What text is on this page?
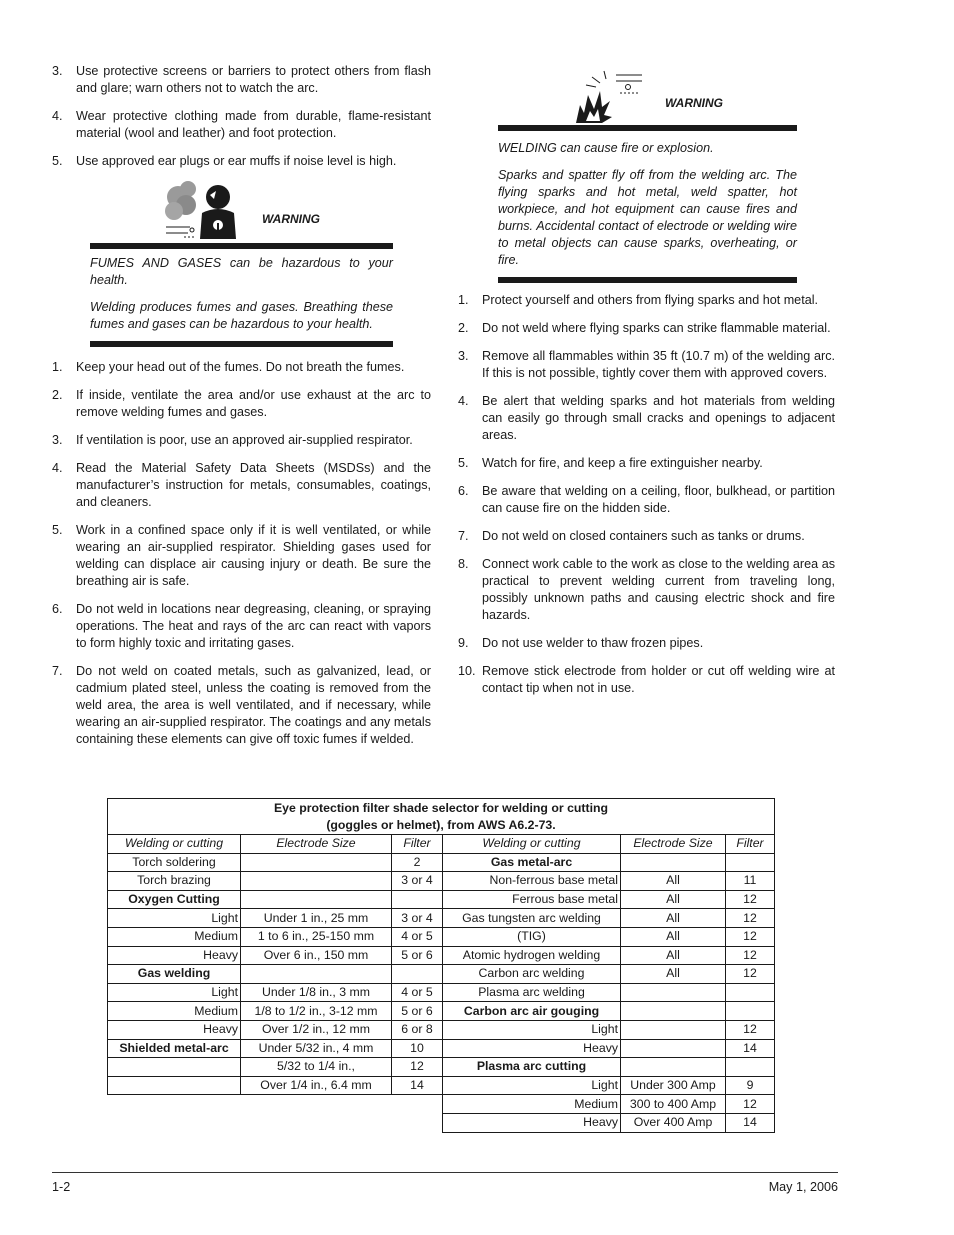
3.	Use protective screens or barriers to protect others from flash and glare; warn others not to watch the arc.
4.	Wear protective clothing made from durable, flame-resistant material (wool and leather) and foot protection.
5.	Use approved ear plugs or ear muffs if noise level is high.
WARNING

FUMES AND GASES can be hazardous to your health.

Welding produces fumes and gases. Breathing these fumes and gases can be hazardous to your health.

1.	Keep your head out of the fumes. Do not breath the fumes.
2.	If inside, ventilate the area and/or use exhaust at the arc to remove welding fumes and gases.
3.	If ventilation is poor, use an approved air-supplied respirator.
4.	Read the Material Safety Data Sheets (MSDSs) and the manufacturer’s instruction for metals, consumables, coatings, and cleaners.
5.	Work in a confined space only if it is well ventilated, or while wearing an air-supplied respirator. Shielding gases used for welding can displace air causing injury or death. Be sure the breathing air is safe.
6.	Do not weld in locations near degreasing, cleaning, or spraying operations. The heat and rays of the arc can react with vapors to form highly toxic and irritating gases.
7.	Do not weld on coated metals, such as galvanized, lead, or cadmium plated steel, unless the coating is removed from the weld area, the area is well ventilated, and if necessary, while wearing an air-supplied respirator. The coatings and any metals containing these elements can give off toxic fumes if welded.
WARNING

WELDING can cause fire or explosion.

Sparks and spatter fly off from the welding arc. The flying sparks and hot metal, weld spatter, hot workpiece, and hot equipment can cause fires and burns. Accidental contact of electrode or welding wire to metal objects can cause sparks, overheating, or fire.

1.	Protect yourself and others from flying sparks and hot metal.
2.	Do not weld where flying sparks can strike flammable material.
3.	Remove all flammables within 35 ft (10.7 m) of the welding arc. If this is not possible, tightly cover them with approved covers.
4.	Be alert that welding sparks and hot materials from welding can easily go through small cracks and openings to adjacent areas.
5.	Watch for fire, and keep a fire extinguisher nearby.
6.	Be aware that welding on a ceiling, floor, bulkhead, or partition can cause fire on the hidden side.
7.	Do not weld on closed containers such as tanks or drums.
8.	Connect work cable to the work as close to the welding area as practical to prevent welding current from traveling long, possibly unknown paths and causing electric shock and fire hazards.
9.	Do not use welder to thaw frozen pipes.
10. Remove stick electrode from holder or cut off welding wire at contact tip when not in use.
Eye protection filter shade selector for welding or cutting
(goggles or helmet), from AWS A6.2-73.					

Welding or cutting	Electrode Size	Filter	Welding or cutting	Electrode Size	Filter
Torch soldering		2	Gas metal-arc		
Torch brazing		3 or 4	Non-ferrous base metal	All	11
Oxygen Cutting			Ferrous base metal	All	12
Light	Under 1 in., 25 mm	3 or 4	Gas tungsten arc welding	All	12
Medium	1 to 6 in., 25-150 mm	4 or 5	(TIG)	All	12
Heavy	Over 6 in., 150 mm	5 or 6	Atomic hydrogen welding	All	12
Gas welding			Carbon arc welding	All	12
Light	Under 1/8 in., 3 mm	4 or 5	Plasma arc welding		
Medium	1/8 to 1/2 in., 3-12 mm	5 or 6	Carbon arc air gouging		
Heavy	Over 1/2 in., 12 mm	6 or 8	Light		12
Shielded metal-arc	Under 5/32 in., 4 mm	10	Heavy		14
	5/32 to 1/4 in.,	12	Plasma arc cutting		
	Over 1/4 in., 6.4 mm	14	Light	Under 300 Amp	9
			Medium	300 to 400 Amp	12
			Heavy	Over 400 Amp	14
1-2	May 1, 2006
